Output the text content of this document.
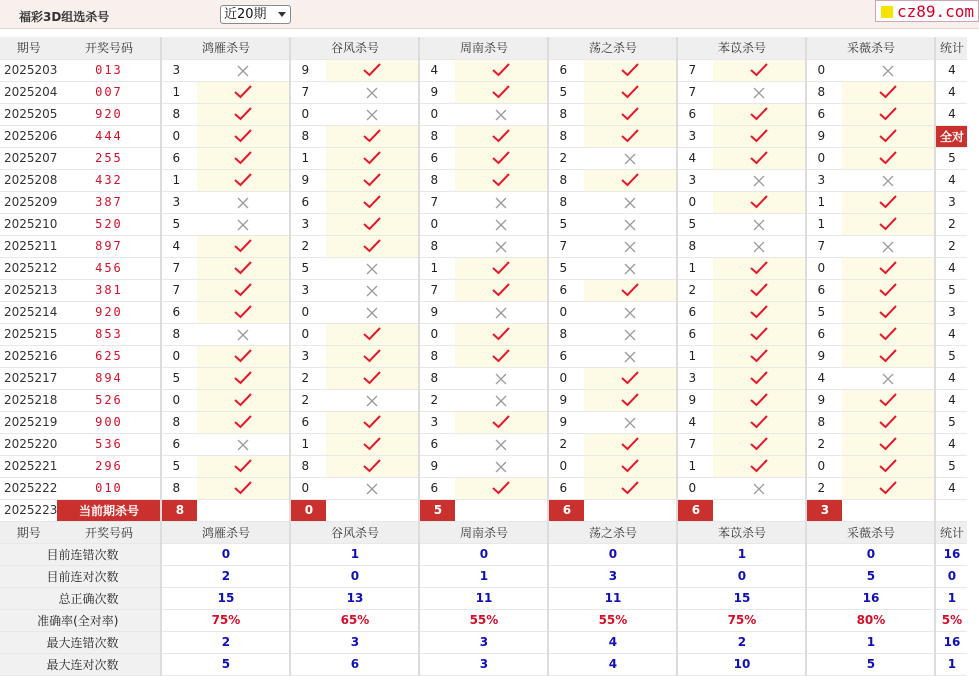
福彩3D组选杀号	近20期	cz89.com
期号	开奖号码	鸿雁杀号		谷风杀号		周南杀号		荡之杀号		苯苡杀号		采薇杀号		统计
2025203	013	3		9		4		6		7		0		4
2025204	007	1		7		9		5		7		8		4
2025205	920	8		0		0		8		6		6		4
2025206	444	0		8		8		8		3		9		全对
2025207	255	6		1		6		2		4		0		5
2025208	432	1		9		8		8		3		3		4
2025209	387	3		6		7		8		0		1		3
2025210	520	5		3		0		5		5		1		2
2025211	897	4		2		8		7		8		7		2
2025212	456	7		5		1		5		1		0		4
2025213	381	7		3		7		6		2		6		5
2025214	920	6		0		9		0		6		5		3
2025215	853	8		0		0		8		6		6		4
2025216	625	0		3		8		6		1		9		5
2025217	894	5		2		8		0		3		4		4
2025218	526	0		2		2		9		9		9		4
2025219	900	8		6		3		9		4		8		5
2025220	536	6		1		6		2		7		2		4
2025221	296	5		8		9		0		1		0		5
2025222	010	8		0		6		6		0		2		4
2025223	当前期杀号	8		0		5		6		6		3		
期号	开奖号码	鸿雁杀号		谷风杀号		周南杀号		荡之杀号		苯苡杀号		采薇杀号		统计
目前连错次数		0		1		0		0		1		0		16
目前连对次数		2		0		1		3		0		5		0
总正确次数		15		13		11		11		15		16		1
准确率(全对率)		75%		65%		55%		55%		75%		80%		5%
最大连错次数		2		3		3		4		2		1		16
最大连对次数		5		6		3		4		10		5		1
